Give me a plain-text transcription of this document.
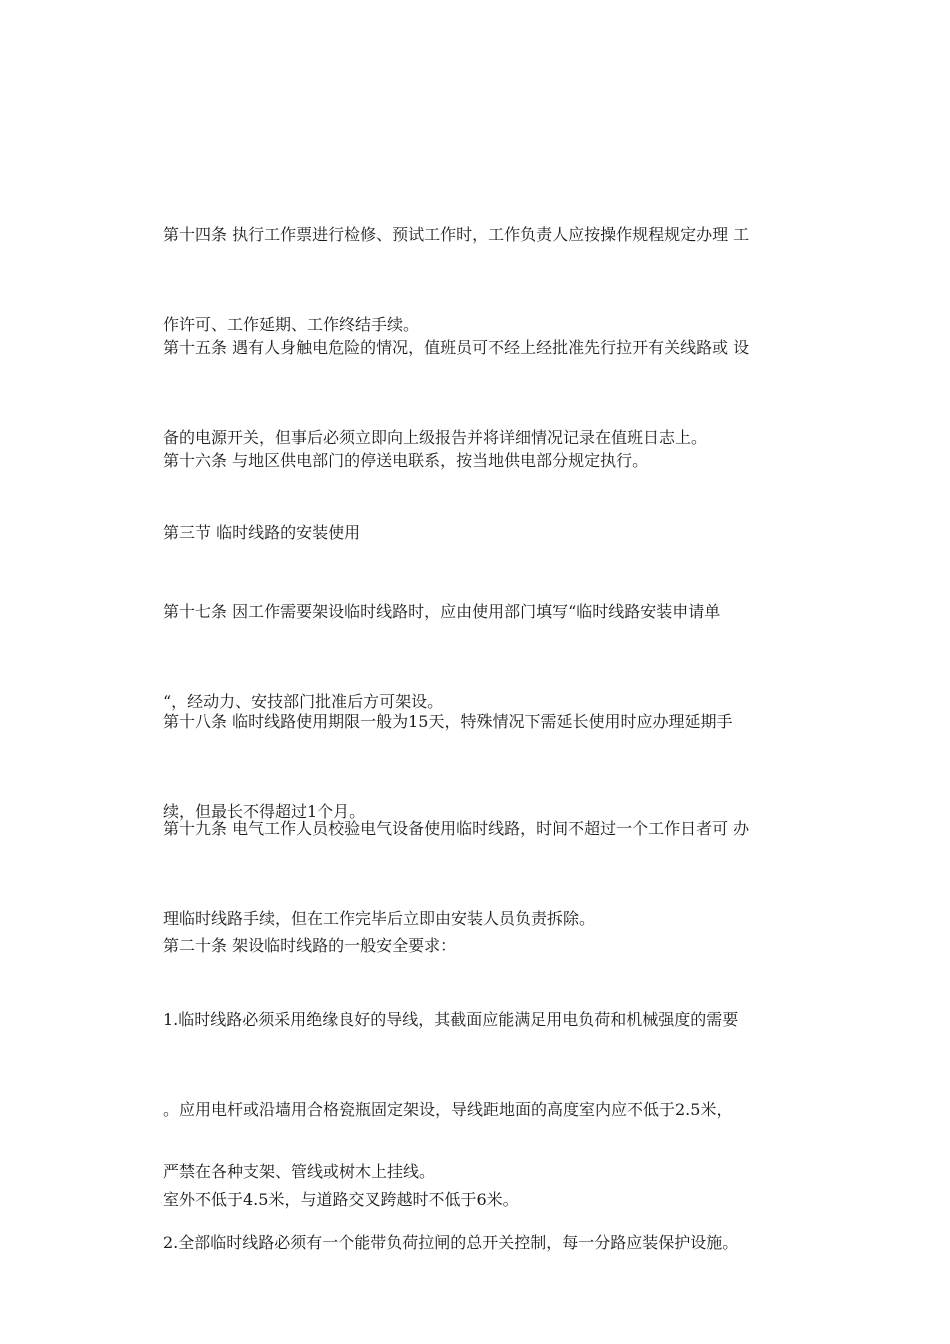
第十四条 执行工作票进行检修、预试工作时，工作负责人应按操作规程规定办理 工

作许可、工作延期、工作终结手续。

第十五条 遇有人身触电危险的情况，值班员可不经上经批准先行拉开有关线路或 设

备的电源开关，但事后必须立即向上级报告并将详细情况记录在值班日志上。

第十六条 与地区供电部门的停送电联系，按当地供电部分规定执行。

第三节 临时线路的安装使用

第十七条 因工作需要架设临时线路时，应由使用部门填写“临时线路安装申请单

“，经动力、安技部门批准后方可架设。

第十八条 临时线路使用期限一般为15天，特殊情况下需延长使用时应办理延期手

续，但最长不得超过1个月。

第十九条 电气工作人员校验电气设备使用临时线路，时间不超过一个工作日者可 办

理临时线路手续，但在工作完毕后立即由安装人员负责拆除。

第二十条 架设临时线路的一般安全要求：

1.临时线路必须采用绝缘良好的导线，其截面应能满足用电负荷和机械强度的需要

。应用电杆或沿墙用合格瓷瓶固定架设，导线距地面的高度室内应不低于2.5米，

室外不低于4.5米，与道路交叉跨越时不低于6米。

严禁在各种支架、管线或树木上挂线。

2.全部临时线路必须有一个能带负荷拉闸的总开关控制，每一分路应装保护设施。
